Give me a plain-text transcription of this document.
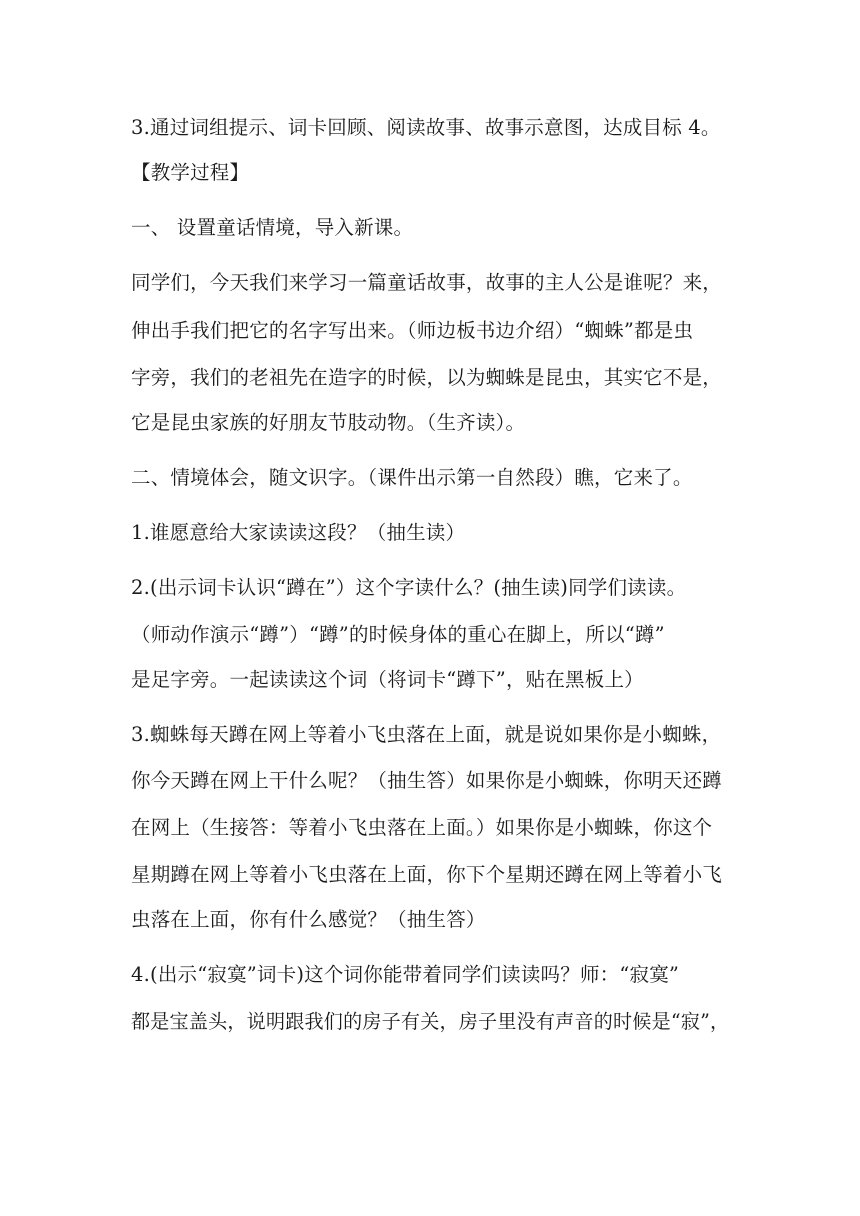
3.通过词组提示、词卡回顾、阅读故事、故事示意图，达成目标 4。
【教学过程】
一、 设置童话情境，导入新课。
同学们，今天我们来学习一篇童话故事，故事的主人公是谁呢？来，
伸出手我们把它的名字写出来。（师边板书边介绍）“蜘蛛”都是虫
字旁，我们的老祖先在造字的时候，以为蜘蛛是昆虫，其实它不是，
它是昆虫家族的好朋友节肢动物。（生齐读）。
二、情境体会，随文识字。（课件出示第一自然段）瞧，它来了。
1.谁愿意给大家读读这段？（抽生读）
2.(出示词卡认识“蹲在”）这个字读什么？(抽生读)同学们读读。
（师动作演示“蹲”）“蹲”的时候身体的重心在脚上，所以“蹲”
是足字旁。一起读读这个词（将词卡“蹲下”，贴在黑板上）
3.蜘蛛每天蹲在网上等着小飞虫落在上面，就是说如果你是小蜘蛛，
你今天蹲在网上干什么呢？（抽生答）如果你是小蜘蛛，你明天还蹲
在网上（生接答：等着小飞虫落在上面。）如果你是小蜘蛛，你这个
星期蹲在网上等着小飞虫落在上面，你下个星期还蹲在网上等着小飞
虫落在上面，你有什么感觉？（抽生答）
4.(出示“寂寞”词卡)这个词你能带着同学们读读吗？师：“寂寞”
都是宝盖头，说明跟我们的房子有关，房子里没有声音的时候是“寂”，
